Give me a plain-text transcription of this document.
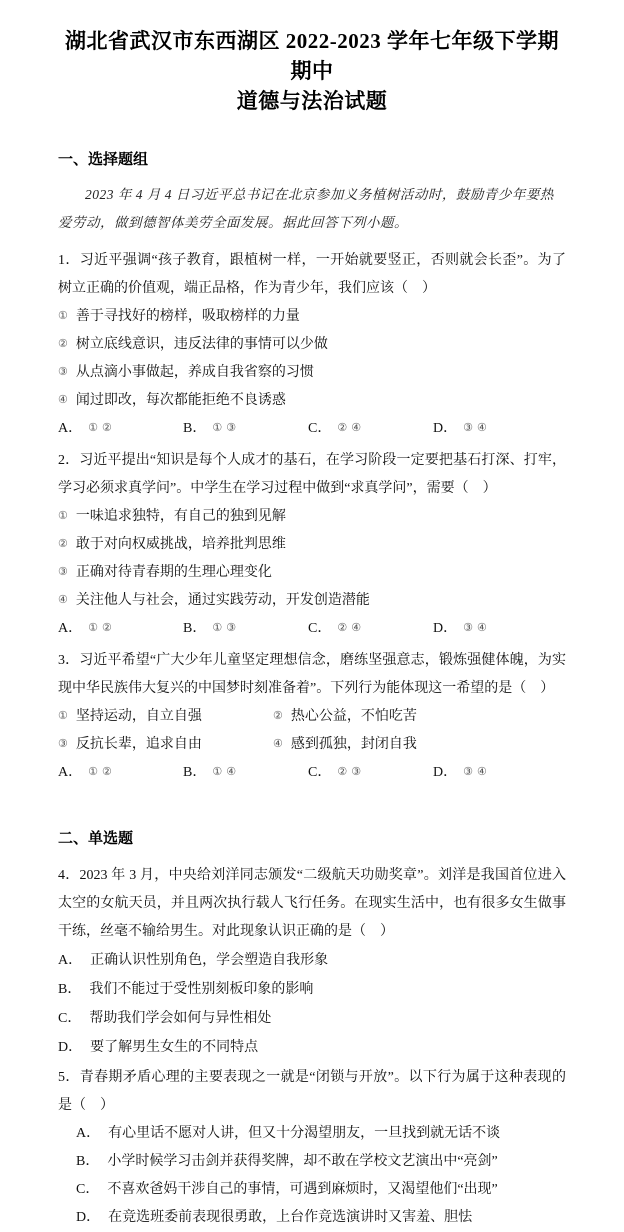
湖北省武汉市东西湖区 2022-2023 学年七年级下学期期中
道德与法治试题
一、选择题组

2023 年 4 月 4 日习近平总书记在北京参加义务植树活动时，鼓励青少年要热爱劳动，做到德智体美劳全面发展。据此回答下列小题。

1．习近平强调“孩子教育，跟植树一样，一开始就要竖正，否则就会长歪”。为了树立正确的价值观，端正品格，作为青少年，我们应该（　）

① 善于寻找好的榜样，吸取榜样的力量
② 树立底线意识，违反法律的事情可以少做
③ 从点滴小事做起，养成自我省察的习惯
④ 闻过即改，每次都能拒绝不良诱惑
A． ①②	B． ①③	C． ②④	D． ③④

2．习近平提出“知识是每个人成才的基石，在学习阶段一定要把基石打深、打牢，学习必须求真学问”。中学生在学习过程中做到“求真学问”，需要（　）

① 一味追求独特，有自己的独到见解
② 敢于对向权威挑战，培养批判思维
③ 正确对待青春期的生理心理变化
④ 关注他人与社会，通过实践劳动，开发创造潜能
A． ①②	B． ①③	C． ②④	D． ③④

3．习近平希望“广大少年儿童坚定理想信念，磨练坚强意志，锻炼强健体魄，为实现中华民族伟大复兴的中国梦时刻准备着”。下列行为能体现这一希望的是（　）

① 坚持运动，自立自强	② 热心公益，不怕吃苦
③ 反抗长辈，追求自由	④ 感到孤独，封闭自我
A． ①②	B． ①④	C． ②③	D． ③④
二、单选题

4．2023 年 3 月，中央给刘洋同志颁发“二级航天功勋奖章”。刘洋是我国首位进入太空的女航天员，并且两次执行载人飞行任务。在现实生活中，也有很多女生做事干练，丝毫不输给男生。对此现象认识正确的是（　）

A． 正确认识性别角色，学会塑造自我形象
B． 我们不能过于受性别刻板印象的影响
C． 帮助我们学会如何与异性相处
D． 要了解男生女生的不同特点

5．青春期矛盾心理的主要表现之一就是“闭锁与开放”。以下行为属于这种表现的是（　）

A． 有心里话不愿对人讲，但又十分渴望朋友，一旦找到就无话不谈
B． 小学时候学习击剑并获得奖牌，却不敢在学校文艺演出中“亮剑”
C． 不喜欢爸妈干涉自己的事情，可遇到麻烦时，又渴望他们“出现”
D． 在竞选班委前表现很勇敢，上台作竞选演讲时又害羞、胆怯
